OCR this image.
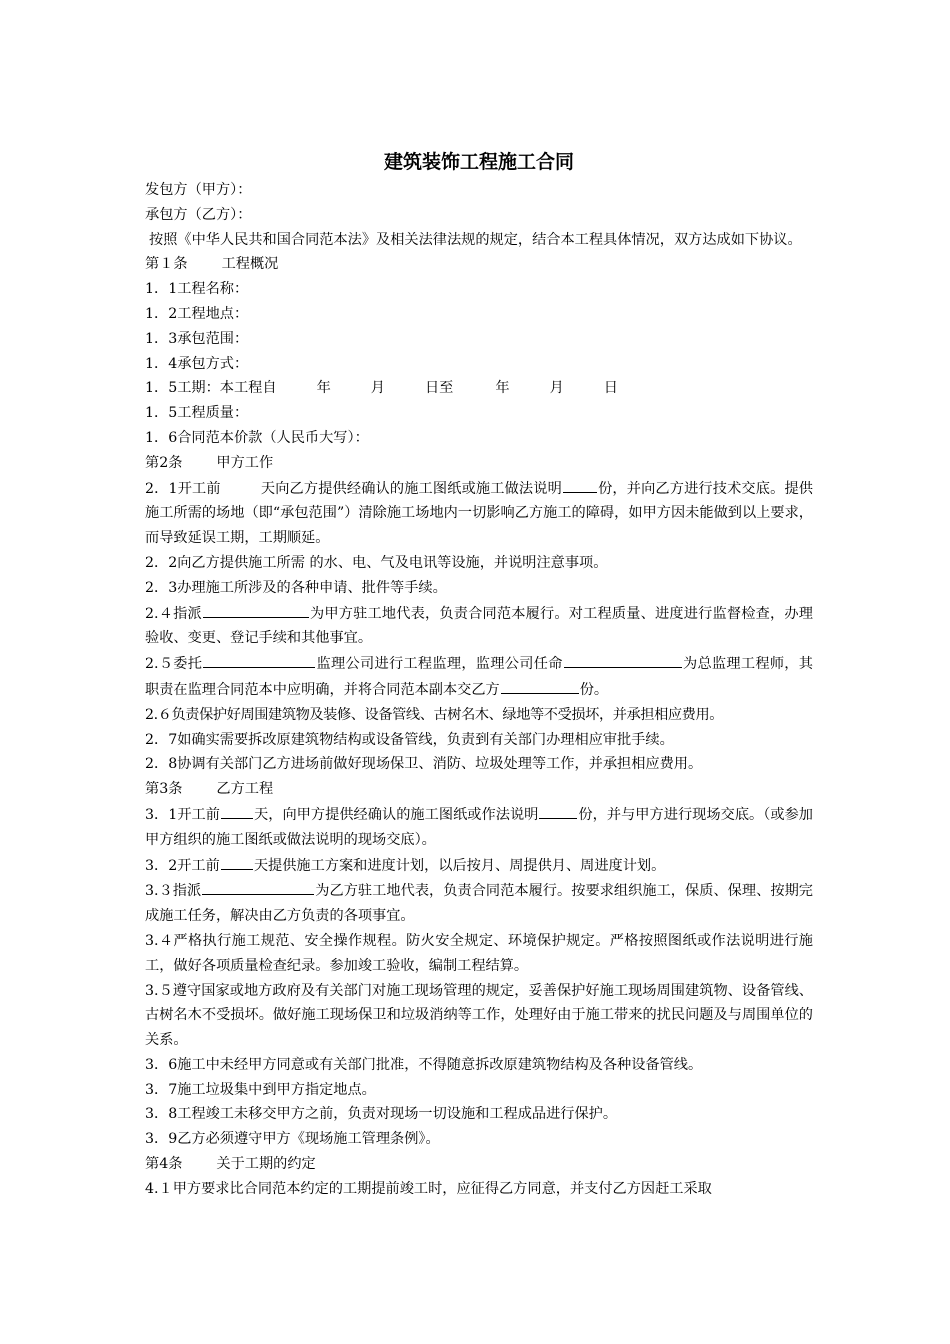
建筑装饰工程施工合同
发包方（甲方）：
承包方（乙方）：
按照《中华人民共和国合同范本法》及相关法律法规的规定，结合本工程具体情况，双方达成如下协议。
第１条 工程概况
1．1工程名称：
1．2工程地点：
1．3承包范围：
1．4承包方式：
1．5工期：本工程自	年	月	日至	年	月	日
1．5工程质量：
1．6合同范本价款（人民币大写）：
第2条 甲方工作
2．1开工前	天向乙方提供经确认的施工图纸或施工做法说明	份，并向乙方进行技术交底。提供施工所需的场地（即“承包范围”）清除施工场地内一切影响乙方施工的障碍，如甲方因未能做到以上要求，而导致延误工期，工期顺延。
2．2向乙方提供施工所需 的水、电、气及电讯等设施，并说明注意事项。
2．3办理施工所涉及的各种申请、批件等手续。
2.４指派	为甲方驻工地代表，负责合同范本履行。对工程质量、进度进行监督检查，办理验收、变更、登记手续和其他事宜。
2.５委托	监理公司进行工程监理，监理公司任命	为总监理工程师，其职责在监理合同范本中应明确，并将合同范本副本交乙方	份。
2.６负责保护好周围建筑物及装修、设备管线、古树名木、绿地等不受损坏，并承担相应费用。
2．7如确实需要拆改原建筑物结构或设备管线，负责到有关部门办理相应审批手续。
2．8协调有关部门乙方进场前做好现场保卫、消防、垃圾处理等工作，并承担相应费用。
第3条 乙方工程
3．1开工前 天，向甲方提供经确认的施工图纸或作法说明	份，并与甲方进行现场交底。（或参加甲方组织的施工图纸或做法说明的现场交底）。
3．2开工前 天提供施工方案和进度计划，以后按月、周提供月、周进度计划。
3.３指派	为乙方驻工地代表，负责合同范本履行。按要求组织施工，保质、保理、按期完成施工任务，解决由乙方负责的各项事宜。
3.４严格执行施工规范、安全操作规程。防火安全规定、环境保护规定。严格按照图纸或作法说明进行施工，做好各项质量检查纪录。参加竣工验收，编制工程结算。
3.５遵守国家或地方政府及有关部门对施工现场管理的规定，妥善保护好施工现场周围建筑物、设备管线、古树名木不受损坏。做好施工现场保卫和垃圾消纳等工作，处理好由于施工带来的扰民问题及与周围单位的关系。
3．6施工中未经甲方同意或有关部门批准，不得随意拆改原建筑物结构及各种设备管线。
3．7施工垃圾集中到甲方指定地点。
3．8工程竣工未移交甲方之前，负责对现场一切设施和工程成品进行保护。
3．9乙方必须遵守甲方《现场施工管理条例》。
第4条 关于工期的约定
4.１甲方要求比合同范本约定的工期提前竣工时，应征得乙方同意，并支付乙方因赶工采取
